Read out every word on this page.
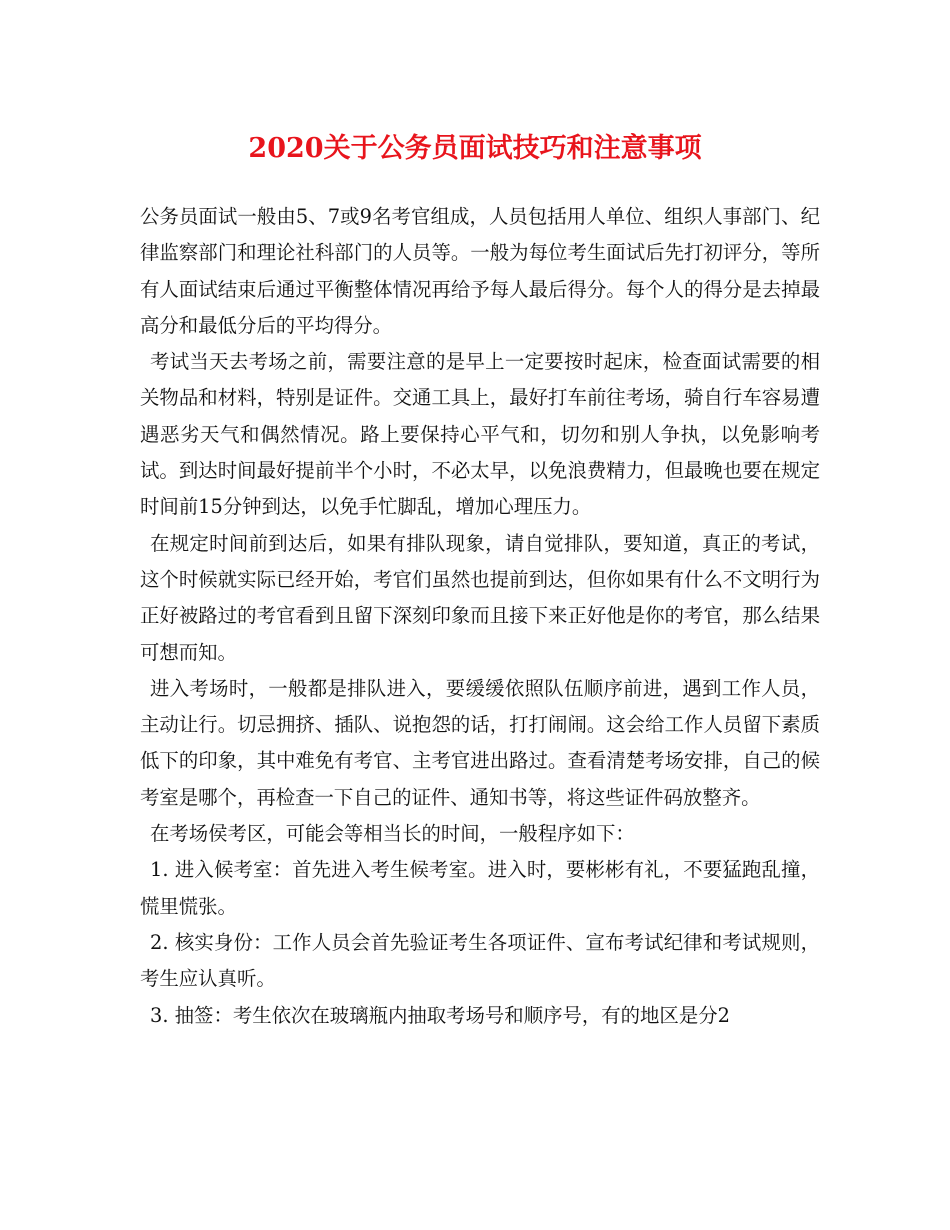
2020关于公务员面试技巧和注意事项

公务员面试一般由5、7或9名考官组成，人员包括用人单位、组织人事部门、纪律监察部门和理论社科部门的人员等。一般为每位考生面试后先打初评分，等所有人面试结束后通过平衡整体情况再给予每人最后得分。每个人的得分是去掉最高分和最低分后的平均得分。

考试当天去考场之前，需要注意的是早上一定要按时起床，检查面试需要的相关物品和材料，特别是证件。交通工具上，最好打车前往考场，骑自行车容易遭遇恶劣天气和偶然情况。路上要保持心平气和，切勿和别人争执，以免影响考试。到达时间最好提前半个小时，不必太早，以免浪费精力，但最晚也要在规定时间前15分钟到达，以免手忙脚乱，增加心理压力。

在规定时间前到达后，如果有排队现象，请自觉排队，要知道，真正的考试，这个时候就实际已经开始，考官们虽然也提前到达，但你如果有什么不文明行为正好被路过的考官看到且留下深刻印象而且接下来正好他是你的考官，那么结果可想而知。

进入考场时，一般都是排队进入，要缓缓依照队伍顺序前进，遇到工作人员，主动让行。切忌拥挤、插队、说抱怨的话，打打闹闹。这会给工作人员留下素质低下的印象，其中难免有考官、主考官进出路过。查看清楚考场安排，自己的候考室是哪个，再检查一下自己的证件、通知书等，将这些证件码放整齐。

在考场侯考区，可能会等相当长的时间，一般程序如下：

1. 进入候考室：首先进入考生候考室。进入时，要彬彬有礼，不要猛跑乱撞，慌里慌张。

2. 核实身份：工作人员会首先验证考生各项证件、宣布考试纪律和考试规则，考生应认真听。

3. 抽签：考生依次在玻璃瓶内抽取考场号和顺序号，有的地区是分2
